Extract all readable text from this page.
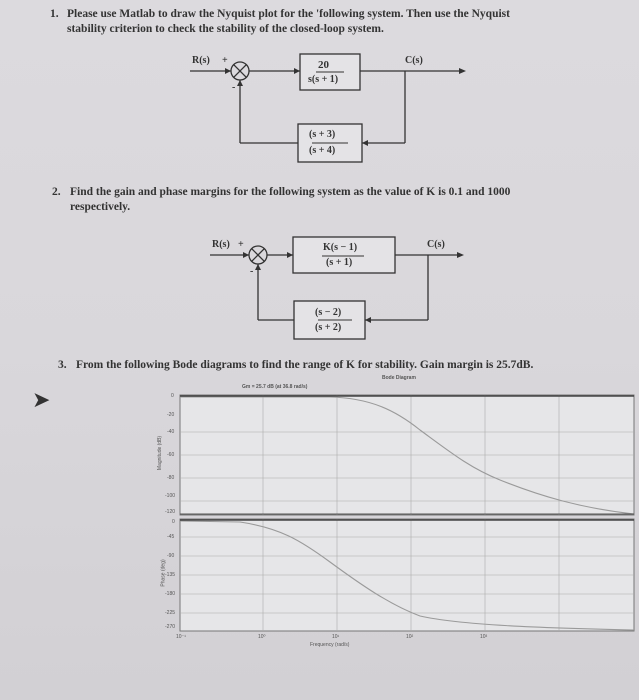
1. Please use Matlab to draw the Nyquist plot for the 'following system. Then use the Nyquist
stability criterion to check the stability of the closed-loop system.
R(s) +
-
20
s(s + 1)
C(s)
(s + 3)
(s + 4)
2. Find the gain and phase margins for the following system as the value of K is 0.1 and 1000
respectively.
R(s) +
-
K(s − 1)
(s + 1)
C(s)
(s − 2)
(s + 2)
3. From the following Bode diagrams to find the range of K for stability. Gain margin is 25.7dB.
Bode Diagram
Gm = 25.7 dB (at 36.8 rad/s)
Magnitude (dB)
Phase (deg)
0
-20
-40
-60
-80
-100
-120
0
-45
-90
-135
-180
-225
-270
10⁻¹	10⁰	10¹	10²	10³
Frequency (rad/s)
➤
